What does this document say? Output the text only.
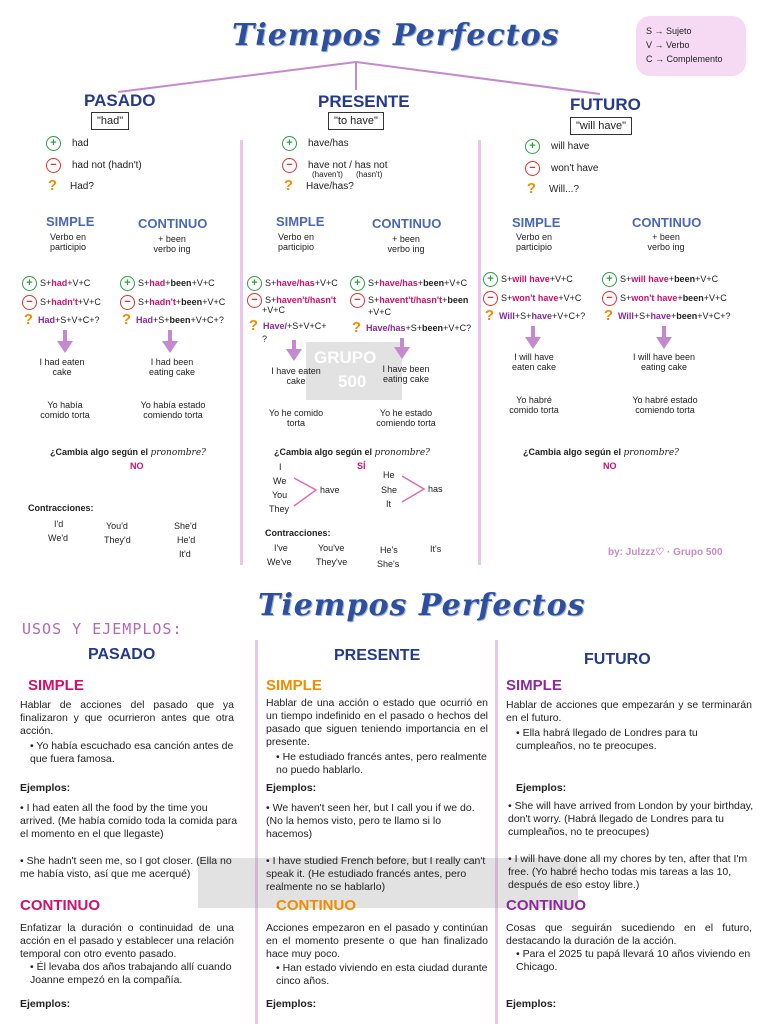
Tiempos Perfectos	S → Sujeto
V → Verbo
C → Complemento
GRUPO
500
PASADO
"had"
+ had
− had not (hadn't)
? Had?
SIMPLE
Verbo en
participio
CONTINUO
+ been
verbo ing
+ S+had+V+C
− S+hadn't+V+C
? Had+S+V+C+?
+ S+had+been+V+C
− S+hadn't+been+V+C
? Had+S+been+V+C+?
I had eaten
cake
I had been
eating cake
Yo había
comido torta
Yo había estado
comiendo torta
¿Cambia algo según el pronombre?
NO
Contracciones:
I'd
We'd
You'd
They'd
She'd
He'd
It'd
PRESENTE
"to have"
+ have/has
− have not / has not
(haven't) (hasn't)
? Have/has?
SIMPLE
Verbo en
participio
CONTINUO
+ been
verbo ing
+ S+have/has+V+C
− S+haven't/hasn't
+V+C
? Have/+S+V+C+
?
+ S+have/has+been+V+C
− S+havent't/hasn't+been
+V+C
? Have/has+S+been+V+C?
I have eaten
cake
I have been
eating cake
Yo he comido
torta
Yo he estado
comiendo torta
¿Cambia algo según el pronombre?
SÍ
I
We
You
They
have
He
She
It
has
Contracciones:
I've
We've
You've
They've
He's
She's
It's
FUTURO
"will have"
+ will have
− won't have
? Will...?
SIMPLE
Verbo en
participio
CONTINUO
+ been
verbo ing
+ S+will have+V+C
− S+won't have+V+C
? Will+S+have+V+C+?
+ S+will have+been+V+C
− S+won't have+been+V+C
? Will+S+have+been+V+C+?
I will have
eaten cake
I will have been
eating cake
Yo habré
comido torta
Yo habré estado
comiendo torta
¿Cambia algo según el pronombre?
NO
by: Julzzz♡ · Grupo 500
Tiempos Perfectos
USOS Y EJEMPLOS:
PASADO
SIMPLE
Hablar de acciones del pasado que ya finalizaron y que ocurrieron antes que otra acción.
• Yo había escuchado esa canción antes de que fuera famosa.
Ejemplos:
• I had eaten all the food by the time you arrived. (Me había comido toda la comida para el momento en el que llegaste)
• She hadn't seen me, so I got closer. (Ella no me había visto, así que me acerqué)
CONTINUO
Enfatizar la duración o continuidad de una acción en el pasado y establecer una relación temporal con otro evento pasado.
• Él levaba dos años trabajando allí cuando Joanne empezó en la compañía.
Ejemplos:
PRESENTE
SIMPLE
Hablar de una acción o estado que ocurrió en un tiempo indefinido en el pasado o hechos del pasado que siguen teniendo importancia en el presente.
• He estudiado francés antes, pero realmente no puedo hablarlo.
Ejemplos:
• We haven't seen her, but I call you if we do. (No la hemos visto, pero te llamo si lo hacemos)
• I have studied French before, but I really can't speak it. (He estudiado francés antes, pero realmente no se hablarlo)
CONTINUO
Acciones empezaron en el pasado y continúan en el momento presente o que han finalizado hace muy poco.
• Han estado viviendo en esta ciudad durante cinco años.
Ejemplos:
FUTURO
SIMPLE
Hablar de acciones que empezarán y se terminarán en el futuro.
• Ella habrá llegado de Londres para tu cumpleaños, no te preocupes.
Ejemplos:
• She will have arrived from London by your birthday, don't worry. (Habrá llegado de Londres para tu cumpleaños, no te preocupes)
• I will have done all my chores by ten, after that I'm free. (Yo habré hecho todas mis tareas a las 10, después de eso estoy libre.)
CONTINUO
Cosas que seguirán sucediendo en el futuro, destacando la duración de la acción.
• Para el 2025 tu papá llevará 10 años viviendo en Chicago.
Ejemplos:
